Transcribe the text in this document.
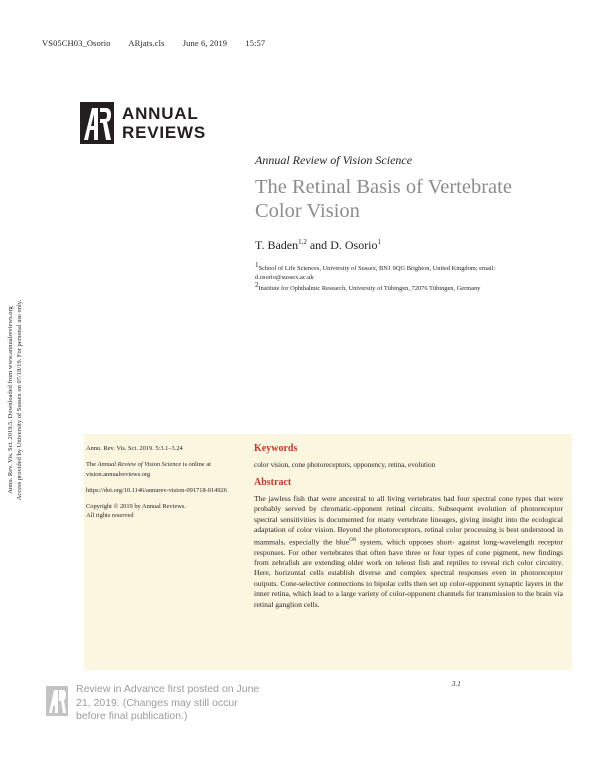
VS05CH03_Osorio ARjats.cls June 6, 2019 15:57
ANNUAL
REVIEWS
Annual Review of Vision Science
The Retinal Basis of Vertebrate Color Vision
T. Baden$^{1,2}$ and D. Osorio$^1$
$^1$School of Life Sciences, University of Sussex, BN1 9QG Brighton, United Kingdom; email: d.osorio@sussex.ac.uk
$^2$Institute for Ophthalmic Research, University of Tübingen, 72076 Tübingen, Germany
Annu. Rev. Vis. Sci. 2019.5. Downloaded from www.annualreviews.org Access provided by University of Sussex on 07/18/19. For personal use only.	Annu. Rev. Vis. Sci. 2019. 5:3.1–3.24

The Annual Review of Vision Science is online at vision.annualreviews.org

https://doi.org/10.1146/annurev-vision-091718-014926

Copyright © 2019 by Annual Reviews.
All rights reserved

Keywords
color vision, cone photoreceptors, opponency, retina, evolution
Abstract
The jawless fish that were ancestral to all living vertebrates had four spectral cone types that were probably served by chromatic-opponent retinal circuits. Subsequent evolution of photoreceptor spectral sensitivities is documented for many vertebrate lineages, giving insight into the ecological adaptation of color vision. Beyond the photoreceptors, retinal color processing is best understood in mammals, especially the blue$^{ON}$ system, which opposes short- against long-wavelength receptor responses. For other vertebrates that often have three or four types of cone pigment, new findings from zebrafish are extending older work on teleost fish and reptiles to reveal rich color circuitry. Here, horizontal cells establish diverse and complex spectral responses even in photoreceptor outputs. Cone-selective connections to bipolar cells then set up color-opponent synaptic layers in the inner retina, which lead to a large variety of color-opponent channels for transmission to the brain via retinal ganglion cells.
3.1
Review in Advance first posted on June 21, 2019. (Changes may still occur before final publication.)
